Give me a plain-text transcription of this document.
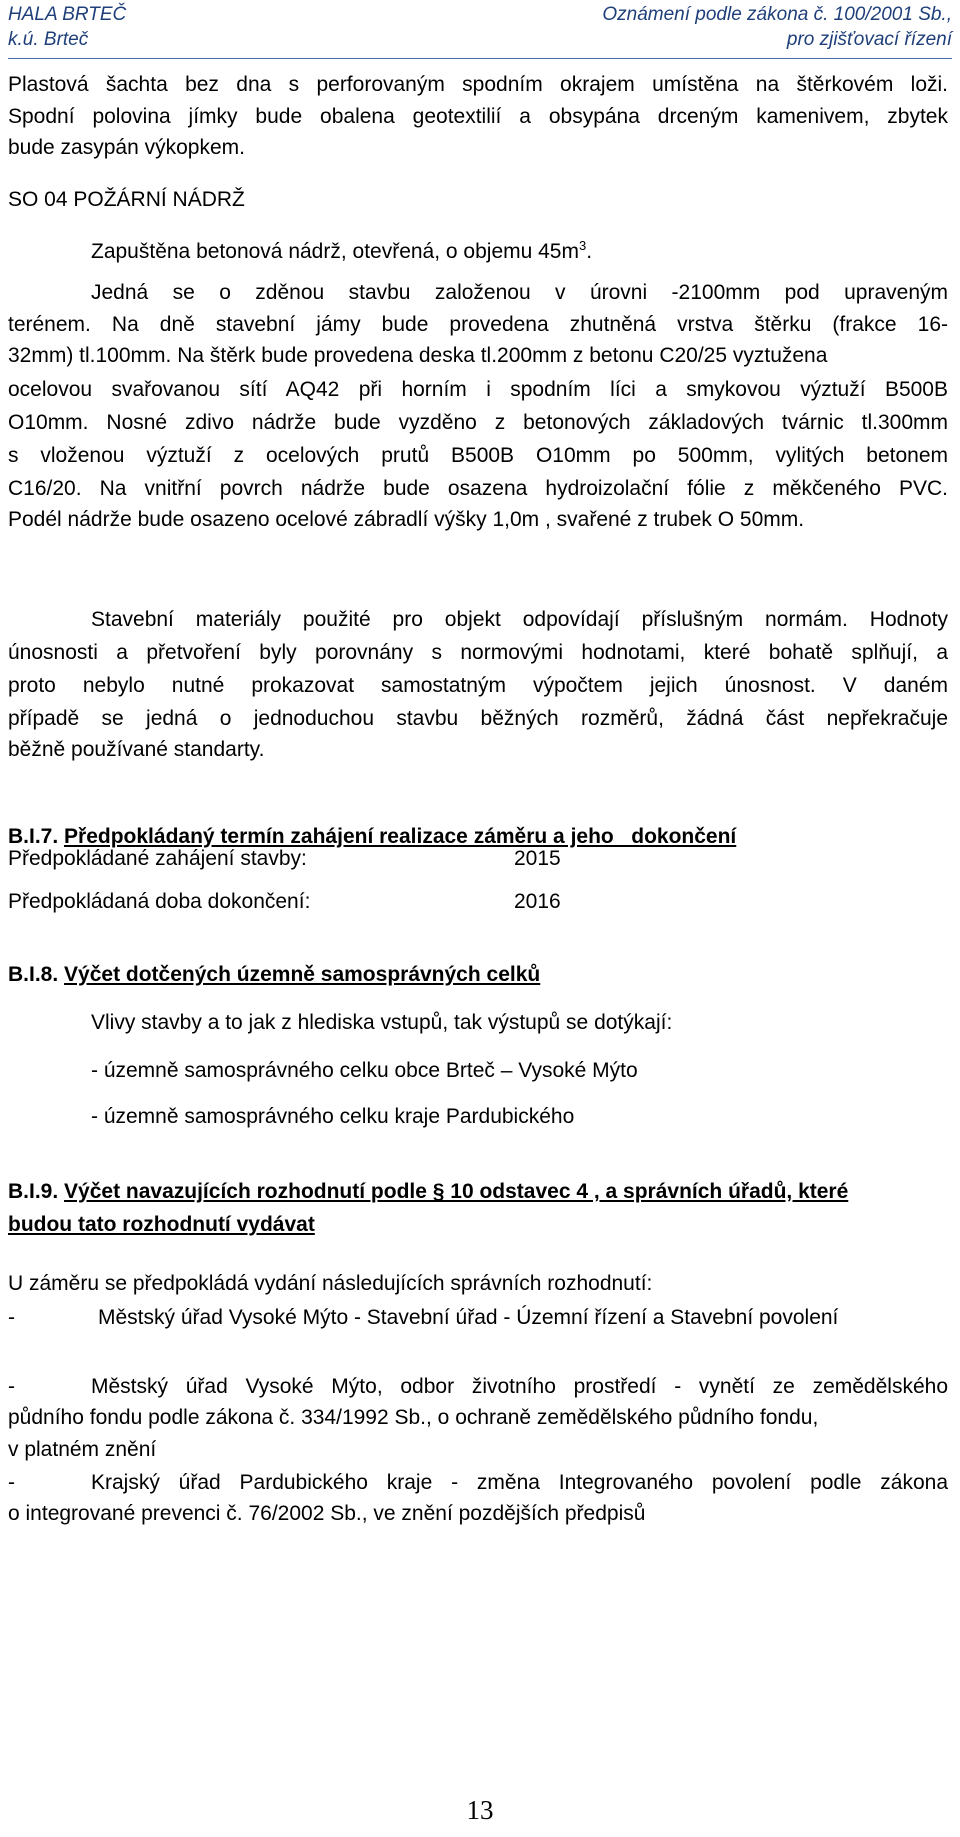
HALA BRTEČ
k.ú. Brteč
Oznámení podle zákona č. 100/2001 Sb.,
pro zjišťovací řízení
Plastová šachta bez dna s perforovaným spodním okrajem umístěna na štěrkovém loži.
Spodní polovina jímky bude obalena geotextilií a obsypána drceným kamenivem, zbytek
bude zasypán výkopkem.
SO 04 POŽÁRNÍ NÁDRŽ
Zapuštěna betonová nádrž, otevřená, o objemu $45m^3$.
Jedná se o zděnou stavbu založenou v úrovni -2100mm pod upraveným
terénem. Na dně stavební jámy bude provedena zhutněná vrstva štěrku (frakce 16-
32mm) tl.100mm. Na štěrk bude provedena deska tl.200mm z betonu C20/25 vyztužena
ocelovou svařovanou sítí AQ42 při horním i spodním líci a smykovou výztuží B500B
O10mm. Nosné zdivo nádrže bude vyzděno z betonových základových tvárnic tl.300mm
s vloženou výztuží z ocelových prutů B500B O10mm po 500mm, vylitých betonem
C16/20. Na vnitřní povrch nádrže bude osazena hydroizolační fólie z měkčeného PVC.
Podél nádrže bude osazeno ocelové zábradlí výšky 1,0m , svařené z trubek O 50mm.
Stavební materiály použité pro objekt odpovídají příslušným normám. Hodnoty
únosnosti a přetvoření byly porovnány s normovými hodnotami, které bohatě splňují, a
proto nebylo nutné prokazovat samostatným výpočtem jejich únosnost. V daném
případě se jedná o jednoduchou stavbu běžných rozměrů, žádná část nepřekračuje
běžně používané standarty.
B.I.7. Předpokládaný termín zahájení realizace záměru a jeho   dokončení
Předpokládané zahájení stavby:	2015
Předpokládaná doba dokončení:	2016
B.I.8. Výčet dotčených územně samosprávných celků
Vlivy stavby a to jak z hlediska vstupů, tak výstupů se dotýkají:
- územně samosprávného celku obce Brteč – Vysoké Mýto
- územně samosprávného celku kraje Pardubického
B.I.9. Výčet navazujících rozhodnutí podle § 10 odstavec 4 , a správních úřadů, které
budou tato rozhodnutí vydávat
U záměru se předpokládá vydání následujících správních rozhodnutí:
-	Městský úřad Vysoké Mýto - Stavební úřad - Územní řízení a Stavební povolení
-	Městský úřad Vysoké Mýto, odbor životního prostředí - vynětí ze zemědělského
půdního fondu podle zákona č. 334/1992 Sb., o ochraně zemědělského půdního fondu,
v platném znění
-	Krajský úřad Pardubického kraje - změna Integrovaného povolení podle zákona
o integrované prevenci č. 76/2002 Sb., ve znění pozdějších předpisů
13
